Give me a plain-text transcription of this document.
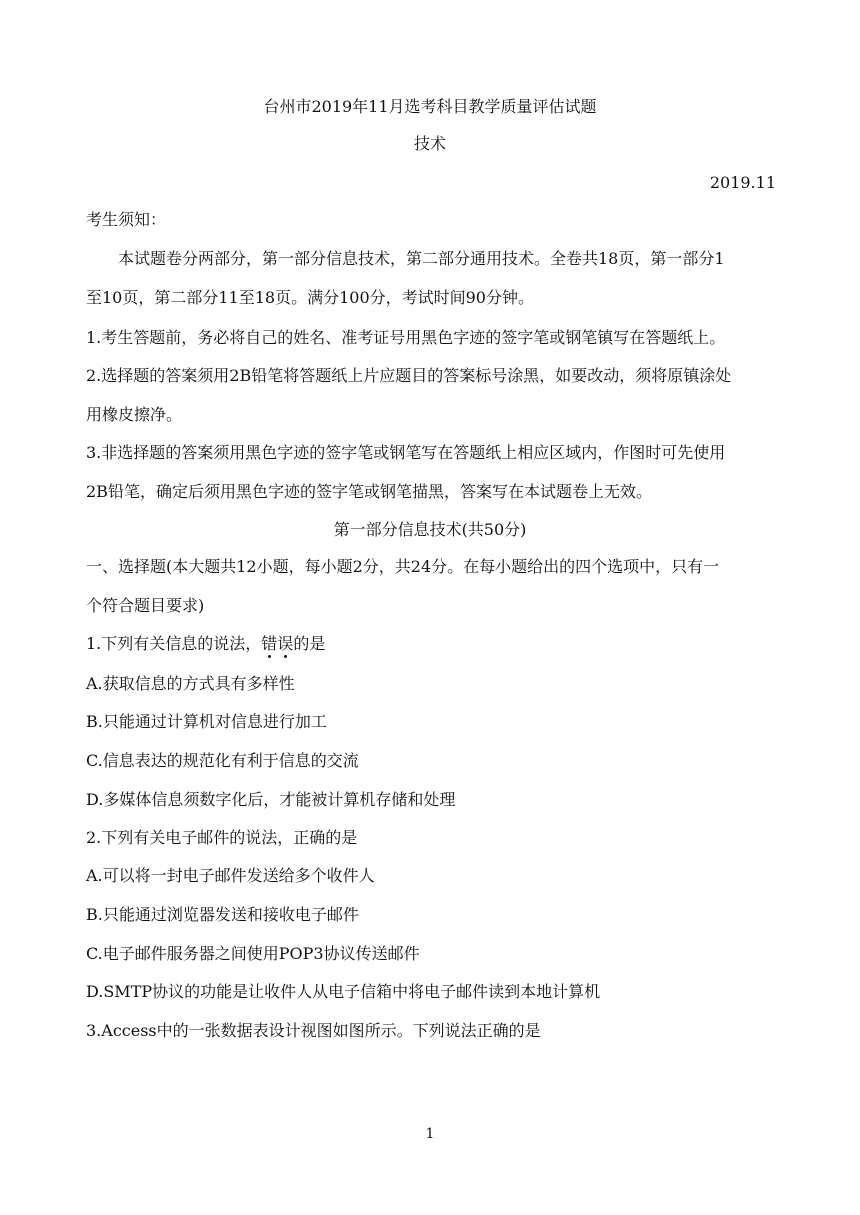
台州市2019年11月选考科目教学质量评估试题

技术

2019.11

考生须知：

本试题卷分两部分，第一部分信息技术，第二部分通用技术。全卷共18页，第一部分1

至10页，第二部分11至18页。满分100分，考试时间90分钟。

1.考生答题前，务必将自己的姓名、准考证号用黑色字迹的签字笔或钢笔镇写在答题纸上。

2.选择题的答案须用2B铅笔将答题纸上片应题目的答案标号涂黑，如要改动，须将原镇涂处

用橡皮擦净。

3.非选择题的答案须用黑色字迹的签字笔或钢笔写在答题纸上相应区域内，作图时可先使用

2B铅笔，确定后须用黑色字迹的签字笔或钢笔描黑，答案写在本试题卷上无效。

第一部分信息技术(共50分)

一、选择题(本大题共12小题，每小题2分，共24分。在每小题给出的四个选项中，只有一

个符合题目要求)

1.下列有关信息的说法，错误的是

A.获取信息的方式具有多样性

B.只能通过计算机对信息进行加工

C.信息表达的规范化有利于信息的交流

D.多媒体信息须数字化后，才能被计算机存储和处理

2.下列有关电子邮件的说法，正确的是

A.可以将一封电子邮件发送给多个收件人

B.只能通过浏览器发送和接收电子邮件

C.电子邮件服务器之间使用POP3协议传送邮件

D.SMTP协议的功能是让收件人从电子信箱中将电子邮件读到本地计算机

3.Access中的一张数据表设计视图如图所示。下列说法正确的是

1
